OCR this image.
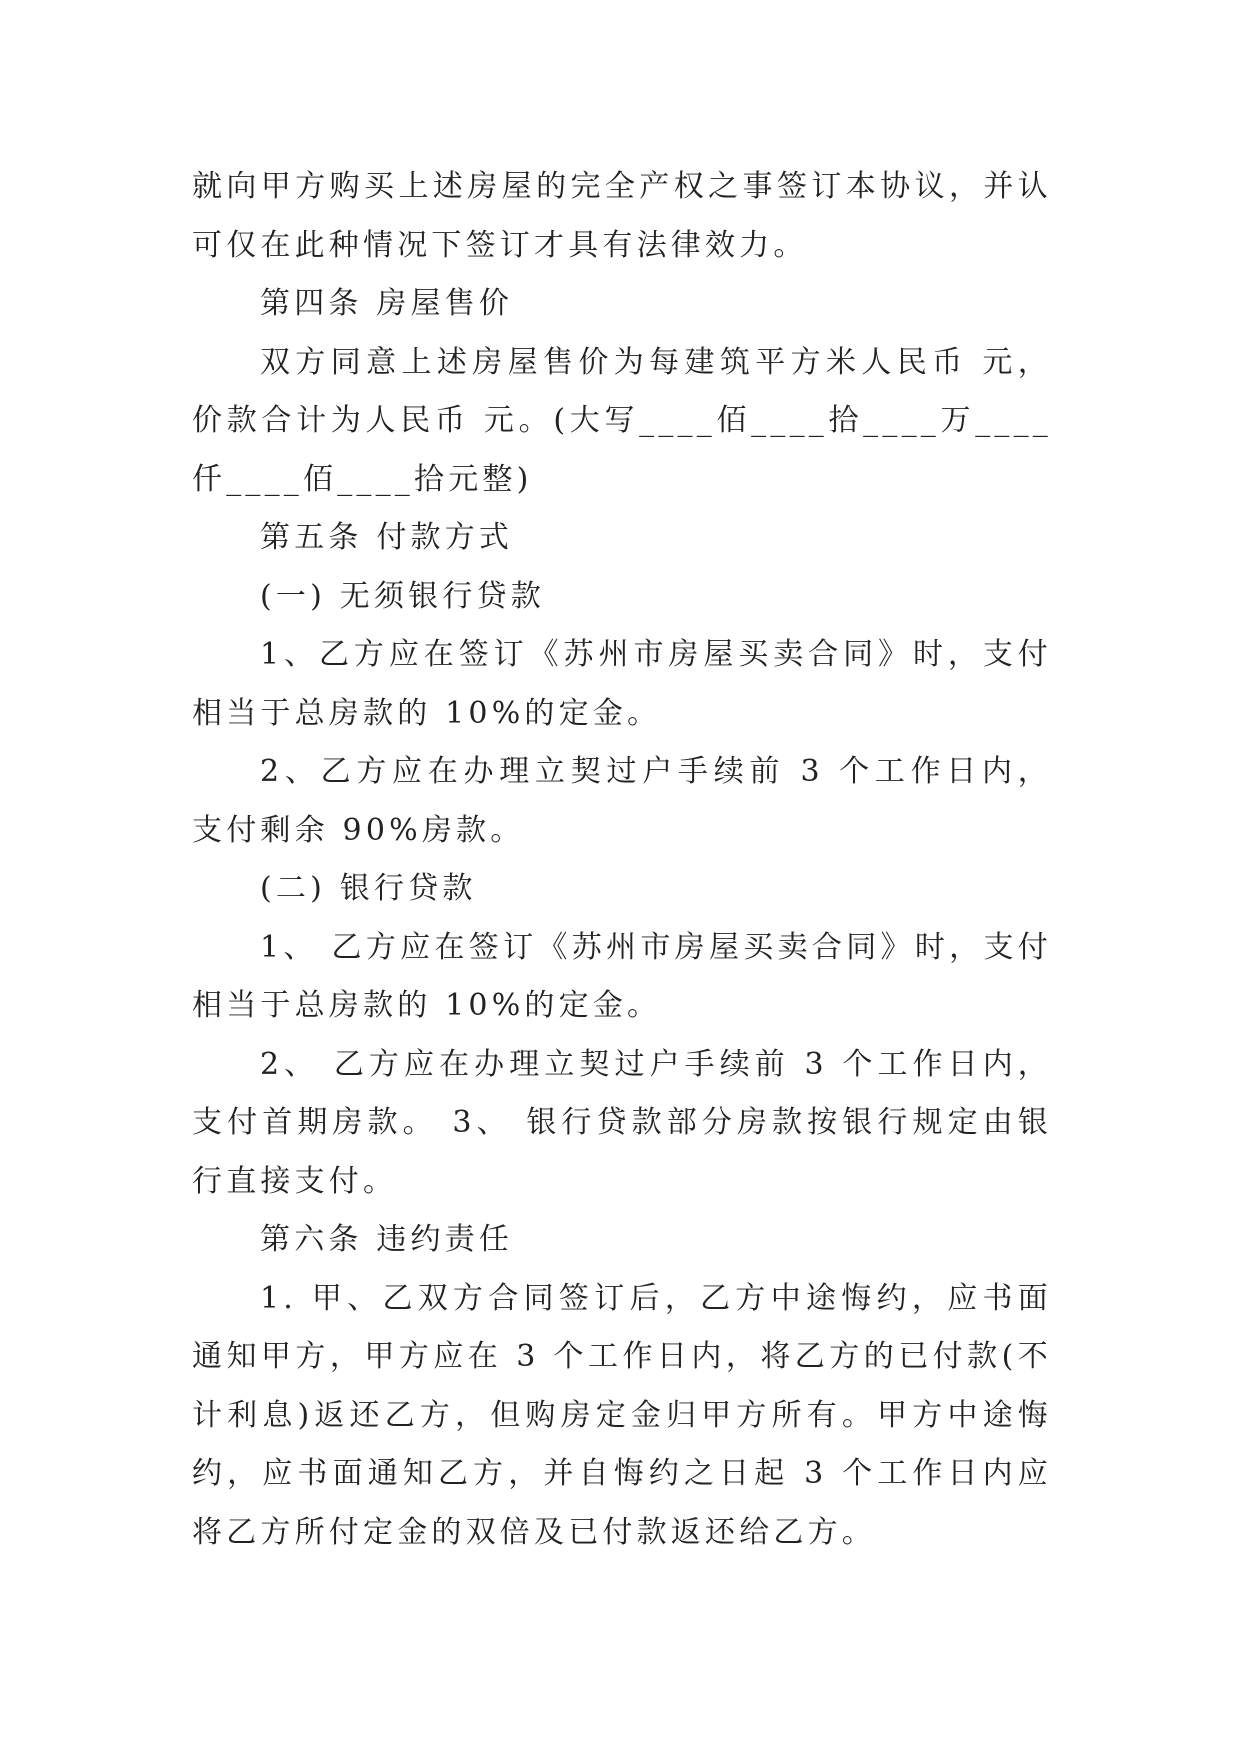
就向甲方购买上述房屋的完全产权之事签订本协议，并认可仅在此种情况下签订才具有法律效力。

第四条 房屋售价

双方同意上述房屋售价为每建筑平方米人民币 元，价款合计为人民币 元。(大写____佰____拾____万____仟____佰____拾元整)

第五条 付款方式

(一) 无须银行贷款

1、乙方应在签订《苏州市房屋买卖合同》时，支付相当于总房款的 10%的定金。

2、乙方应在办理立契过户手续前 3 个工作日内，支付剩余 90%房款。

(二) 银行贷款

1、 乙方应在签订《苏州市房屋买卖合同》时，支付相当于总房款的 10%的定金。

2、 乙方应在办理立契过户手续前 3 个工作日内，支付首期房款。 3、 银行贷款部分房款按银行规定由银行直接支付。

第六条 违约责任

1. 甲、乙双方合同签订后，乙方中途悔约，应书面通知甲方，甲方应在 3 个工作日内，将乙方的已付款(不计利息)返还乙方，但购房定金归甲方所有。甲方中途悔约，应书面通知乙方，并自悔约之日起 3 个工作日内应将乙方所付定金的双倍及已付款返还给乙方。
